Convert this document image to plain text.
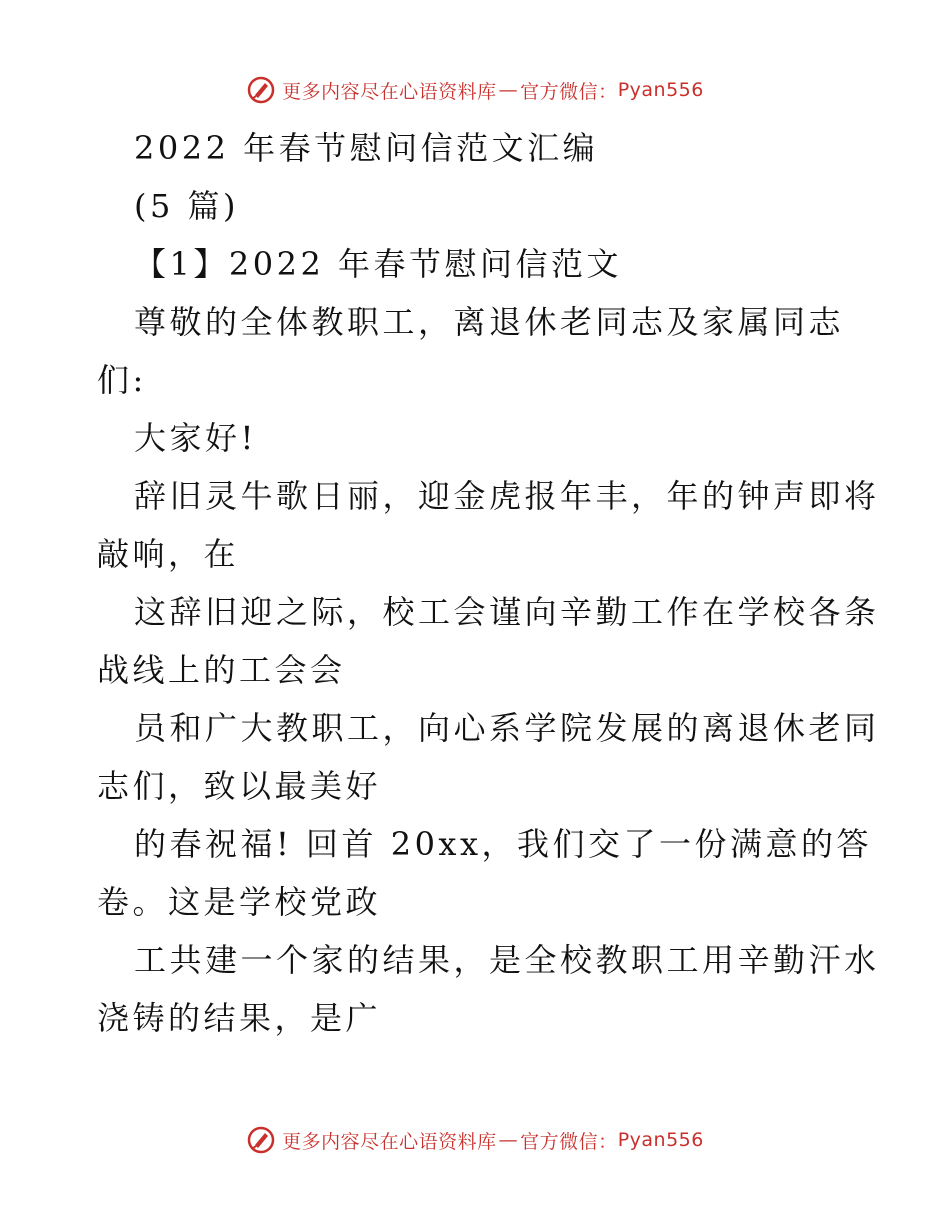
更多内容尽在心语资料库 — 官方微信： Pyan556
2022 年春节慰问信范文汇编
(5 篇)
【1】2022 年春节慰问信范文
尊敬的全体教职工，离退休老同志及家属同志
们:
大家好!
辞旧灵牛歌日丽，迎金虎报年丰，年的钟声即将
敲响，在
这辞旧迎之际，校工会谨向辛勤工作在学校各条
战线上的工会会
员和广大教职工，向心系学院发展的离退休老同
志们，致以最美好
的春祝福! 回首 20xx，我们交了一份满意的答
卷。这是学校党政
工共建一个家的结果，是全校教职工用辛勤汗水
浇铸的结果，是广
更多内容尽在心语资料库 — 官方微信： Pyan556
